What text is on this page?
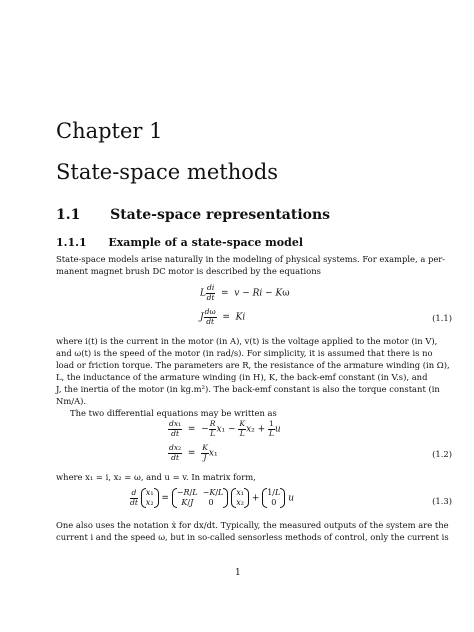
Chapter 1
State-space methods
1.1 State-space representations
1.1.1 Example of a state-space model
State-space models arise naturally in the modeling of physical systems. For example, a per-
manent magnet brush DC motor is described by the equations
L $\frac{di}{dt} = v - Ri - K\omega$
J $\frac{d\omega}{dt} = Ki$	(1.1)
where i(t) is the current in the motor (in A), v(t) is the voltage applied to the motor (in V),
and ω(t) is the speed of the motor (in rad/s). For simplicity, it is assumed that there is no
load or friction torque. The parameters are R, the resistance of the armature winding (in Ω),
L, the inductance of the armature winding (in H), K, the back-emf constant (in V.s), and
J, the inertia of the motor (in kg.m²). The back-emf constant is also the torque constant (in
Nm/A).
The two differential equations may be written as
$\frac{\text{dx₁}}{dt}$ =  − $\frac{R}{L} x_1 - \frac{K}{L} x_2 + \frac{1}{L}$ u
$\frac{\text{dx₂}}{dt} = \frac{K}{J} x_1$	(1.2)
where x₁ = i, x₂ = ω, and u = v. In matrix form,
$\frac{d}{dt}$
x₁
x₂ =
−R/L  −K/L
K/J      0

x₁
x₂ +
1/L
0	u	(1.3)
One also uses the notation ẋ for dx/dt. Typically, the measured outputs of the system are the
current i and the speed ω, but in so-called sensorless methods of control, only the current is
1
